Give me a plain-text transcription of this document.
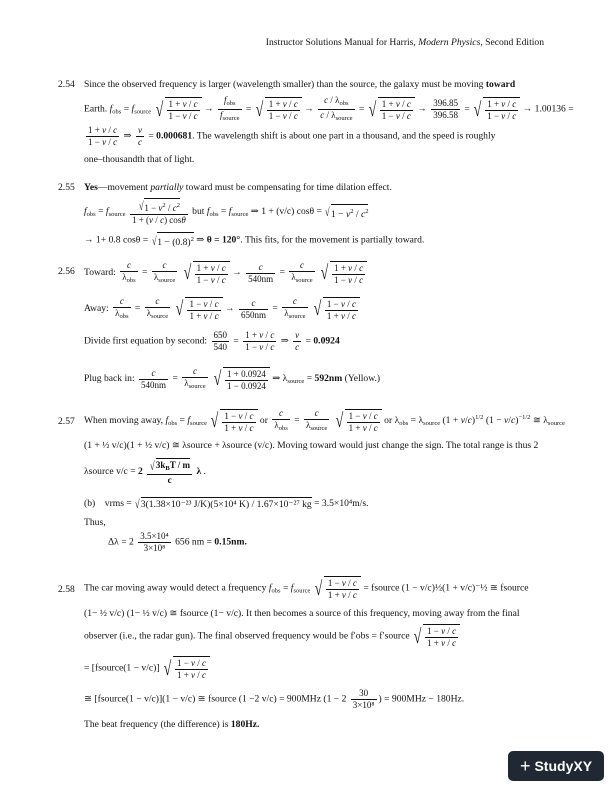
Instructor Solutions Manual for Harris, Modern Physics, Second Edition
2.54 Since the observed frequency is larger (wavelength smaller) than the source, the galaxy must be moving toward
Earth. $f_{obs} = f_{source}$ √ $\frac{1 + v / c}{1 - v / c} \to \frac{f_{obs}}{f_{source}}$ = √ $\frac{1 + v / c}{1 - v / c} \to \frac{c / \lambda_{obs}}{c / \lambda_{source}}$ = √ $\frac{1 + v / c}{1 - v / c} \to \frac{396.85}{396.58}$ = √ $\frac{1 + v / c}{1 - v / c} \to 1.00136$ =
$\frac{1 + v / c}{1 - v / c}$ ⇒ $\frac{v}{c} = 0.000681$. The wavelength shift is about one part in a thousand, and the speed is roughly
one–thousandth that of light.
2.55 Yes—movement partially toward must be compensating for time dilation effect.
$f_{obs} = f_{source} \frac{√1 - v^2 / c^2}{1 + (v / c) \cos\theta}$ but $f_{obs} = f_{source}$ ⇒ 1 + (v/c) $\cos\theta = √1 - v^2 / c^2$
→ 1+ 0.8 $\cos\theta = √1 - (0.8)^2$ ⇒ θ = 120°. This fits, for the movement is partially toward.
2.56 Toward: $\frac{c}{\lambda_{obs}} = \frac{c}{\lambda_{source}}$ √ $\frac{1 + v / c}{1 - v / c} \to \frac{c}{540nm} = \frac{c}{\lambda_{source}}$ √ $\frac{1 + v / c}{1 - v / c}$
Away: $\frac{c}{\lambda_{obs}} = \frac{c}{\lambda_{source}}$ √ $\frac{1 - v / c}{1 + v / c} \to \frac{c}{650nm} = \frac{c}{\lambda_{source}}$ √ $\frac{1 - v / c}{1 + v / c}$
Divide first equation by second: $\frac{650}{540} = \frac{1 + v / c}{1 - v / c}$ ⇒ $\frac{v}{c} = 0.0924$
Plug back in: $\frac{c}{540nm} = \frac{c}{\lambda_{source}}$ √ $\frac{1 + 0.0924}{1 - 0.0924}$ ⇒ $\lambda_{source} = 592nm$ (Yellow.)
2.57 When moving away, $f_{obs} = f_{source}$ √ $\frac{1 - v / c}{1 + v / c}$ or $\frac{c}{\lambda_{obs}} = \frac{c}{\lambda_{source}}$ √ $\frac{1 - v / c}{1 + v / c}$ or $\lambda_{obs} = \lambda_{source}$ $(1 + v/c)^{1/2}$ $(1 - v/c)^{-1/2}$ ≅ $\lambda_{source}$
(1 + ½ v/c)(1 + ½ v/c) ≅ λsource + λsource (v/c). Moving toward would just change the sign. The total range is thus 2
λsource $v/c = 2 \frac{√3k_BT / m}{c}$ λ .
(b) vrms = √3(1.38×10⁻²³ J/K)(5×10⁴ K) / 1.67×10⁻²⁷ kg = 3.5×10⁴m/s.
Thus,
$\Delta\lambda = 2 \frac{\text{3.5×10⁴}}{\text{3×10⁸}} 656$ nm = 0.15nm.
2.58 The car moving away would detect a frequency $f_{obs} = f_{source}$ √ $\frac{1 - v / c}{1 + v / c}$ = fsource (1 − v/c)½(1 + v/c)⁻½ ≅ fsource
(1− ½ v/c) (1− ½ v/c) ≅ fsource (1− v/c). It then becomes a source of this frequency, moving away from the final
observer (i.e., the radar gun). The final observed frequency would be f′obs = f′source √ $\frac{1 - v / c}{1 + v / c}$
= [fsource(1 − v/c)] √ $\frac{1 - v / c}{1 + v / c}$
≅ [fsource(1 − v/c)](1 − v/c) ≅ fsource (1 −2 v/c) = 900MHz ($1 - 2 \frac{30}{\text{3×10⁸}}$ ) = 900MHz − 180Hz.
The beat frequency (the difference) is 180Hz.
+ StudyXY
